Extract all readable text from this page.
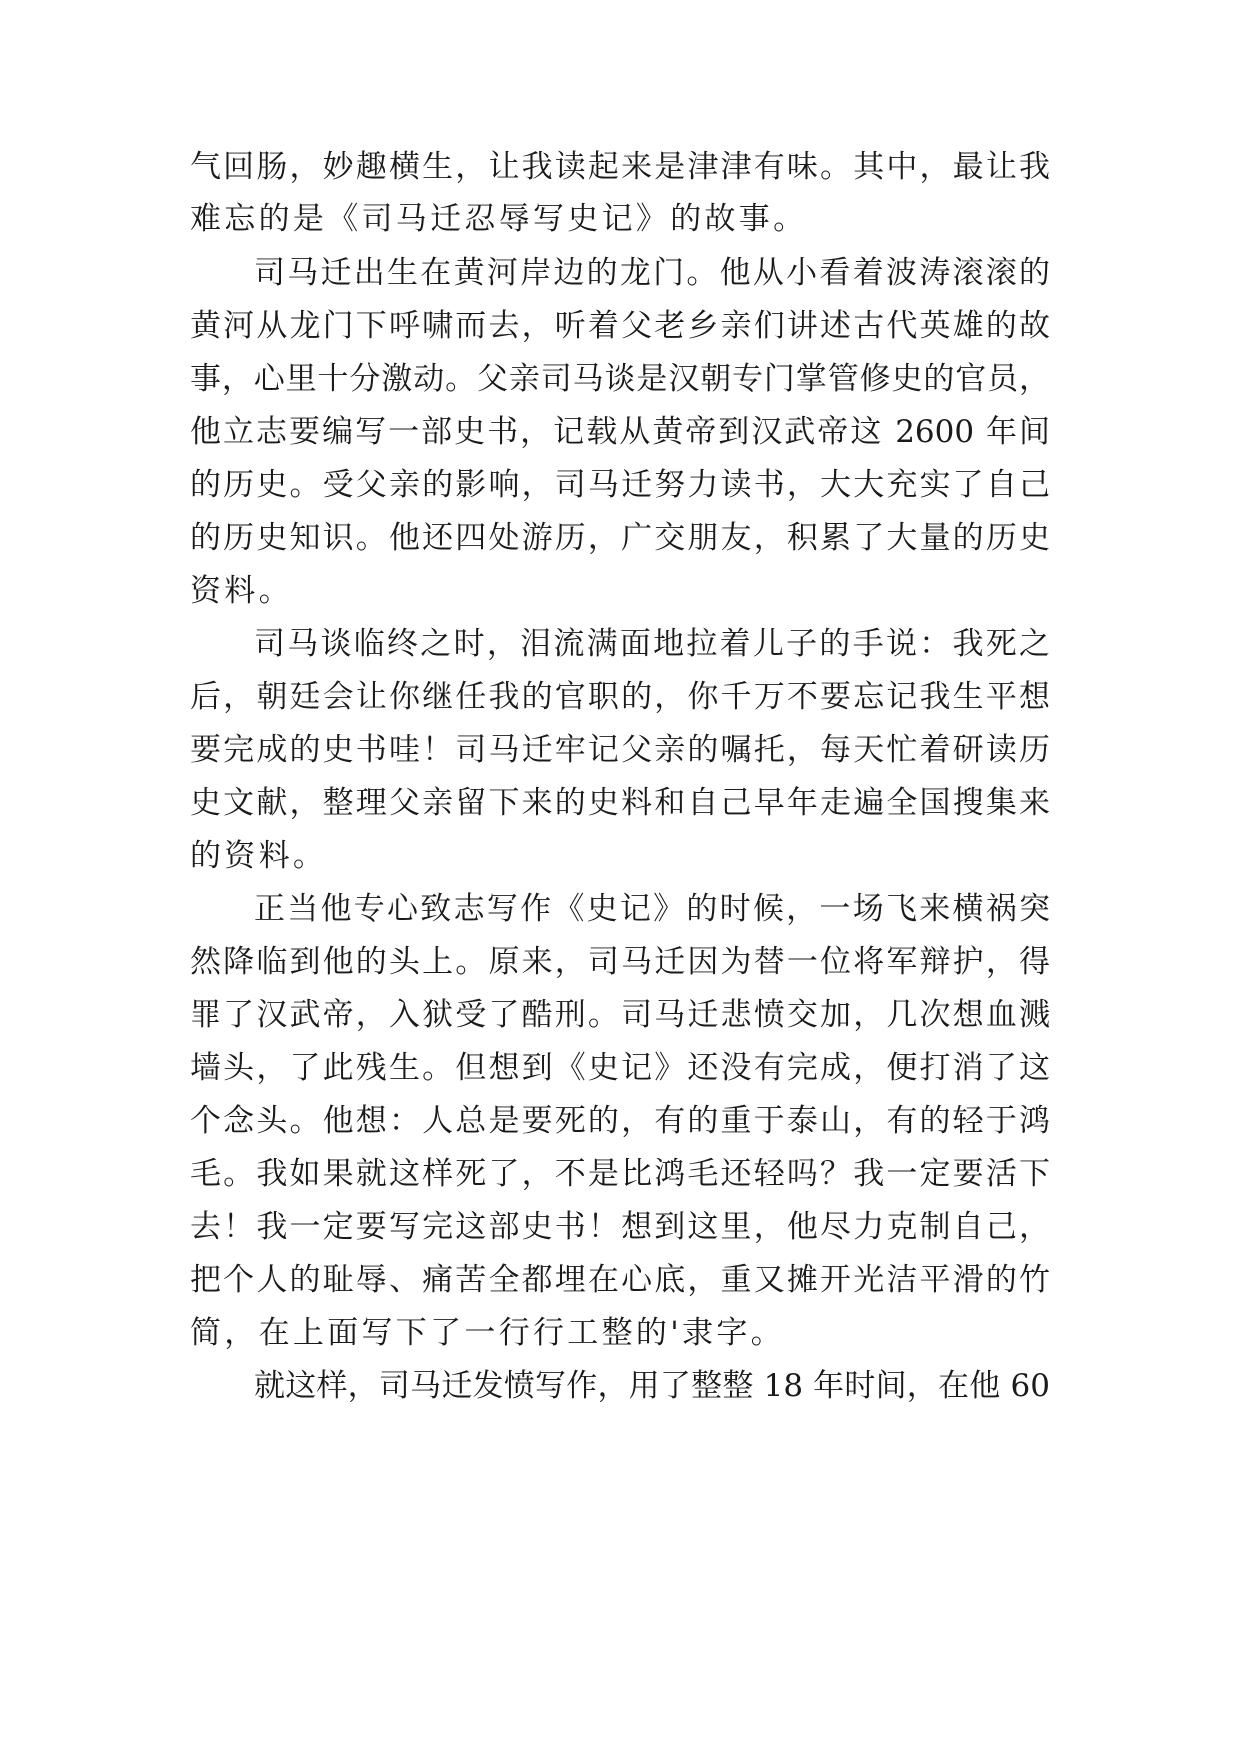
气回肠，妙趣横生，让我读起来是津津有味。其中，最让我
难忘的是《司马迁忍辱写史记》的故事。
司马迁出生在黄河岸边的龙门。他从小看着波涛滚滚的
黄河从龙门下呼啸而去，听着父老乡亲们讲述古代英雄的故
事，心里十分激动。父亲司马谈是汉朝专门掌管修史的官员，
他立志要编写一部史书，记载从黄帝到汉武帝这 2600 年间
的历史。受父亲的影响，司马迁努力读书，大大充实了自己
的历史知识。他还四处游历，广交朋友，积累了大量的历史
资料。
司马谈临终之时，泪流满面地拉着儿子的手说：我死之
后，朝廷会让你继任我的官职的，你千万不要忘记我生平想
要完成的史书哇！司马迁牢记父亲的嘱托，每天忙着研读历
史文献，整理父亲留下来的史料和自己早年走遍全国搜集来
的资料。
正当他专心致志写作《史记》的时候，一场飞来横祸突
然降临到他的头上。原来，司马迁因为替一位将军辩护，得
罪了汉武帝，入狱受了酷刑。司马迁悲愤交加，几次想血溅
墙头，了此残生。但想到《史记》还没有完成，便打消了这
个念头。他想：人总是要死的，有的重于泰山，有的轻于鸿
毛。我如果就这样死了，不是比鸿毛还轻吗？我一定要活下
去！我一定要写完这部史书！想到这里，他尽力克制自己，
把个人的耻辱、痛苦全都埋在心底，重又摊开光洁平滑的竹
简，在上面写下了一行行工整的'隶字。
就这样，司马迁发愤写作，用了整整 18 年时间，在他 60
